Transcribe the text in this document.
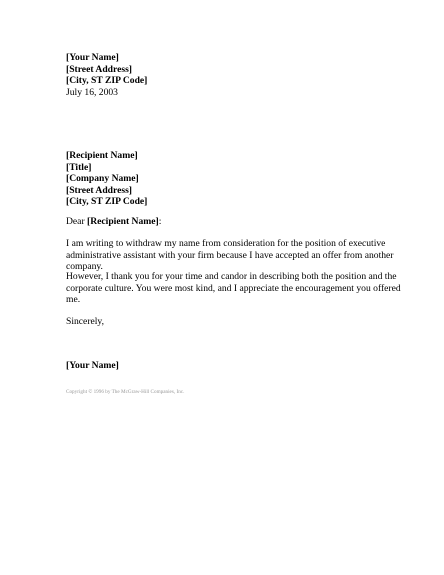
[Your Name]
[Street Address]
[City, ST ZIP Code]
July 16, 2003
[Recipient Name]
[Title]
[Company Name]
[Street Address]
[City, ST ZIP Code]
Dear [Recipient Name]:

I am writing to withdraw my name from consideration for the position of executive
administrative assistant with your firm because I have accepted an offer from another
company.

However, I thank you for your time and candor in describing both the position and the
corporate culture. You were most kind, and I appreciate the encouragement you offered
me.

Sincerely,
[Your Name]
Copyright © 1996 by The McGraw-Hill Companies, Inc.
